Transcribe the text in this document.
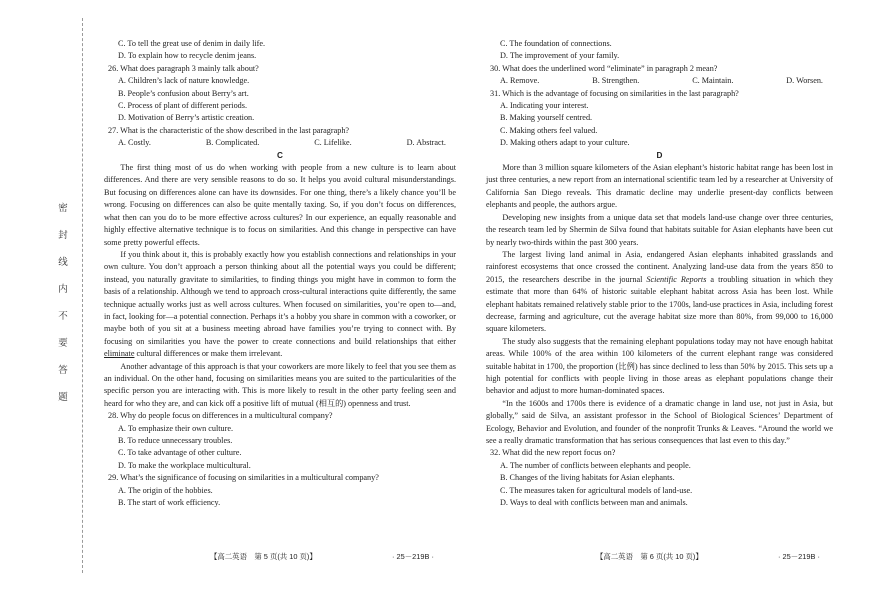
密
封
线
内
不
要
答
题

C. To tell the great use of denim in daily life.

D. To explain how to recycle denim jeans.

26. What does paragraph 3 mainly talk about?

A. Children’s lack of nature knowledge.

B. People’s confusion about Berry’s art.

C. Process of plant of different periods.

D. Motivation of Berry’s artistic creation.

27. What is the characteristic of the show described in the last paragraph?

A. Costly.	B. Complicated.	C. Lifelike.	D. Abstract.

C

The first thing most of us do when working with people from a new culture is to learn about differences. And there are very sensible reasons to do so. It helps you avoid cultural misunderstandings. But focusing on differences alone can have its downsides. For one thing, there’s a likely chance you’ll be wrong. Focusing on differences can also be quite mentally taxing. So, if you don’t focus on differences, what then can you do to be more effective across cultures? In our experience, an equally reasonable and highly effective alternative technique is to focus on similarities. And this change in perspective can have some pretty powerful effects.

If you think about it, this is probably exactly how you establish connections and relationships in your own culture. You don’t approach a person thinking about all the potential ways you could be different; instead, you naturally gravitate to similarities, to finding things you might have in common to form the basis of a relationship. Although we tend to approach cross-cultural interactions quite differently, the same technique actually works just as well across cultures. When focused on similarities, you’re open to—and, in fact, looking for—a potential connection. Perhaps it’s a hobby you share in common with a coworker, or maybe both of you sit at a business meeting abroad have families you’re trying to connect with. By focusing on similarities you have the power to create connections and build relationships that either eliminate cultural differences or make them irrelevant.

Another advantage of this approach is that your coworkers are more likely to feel that you see them as an individual. On the other hand, focusing on similarities means you are suited to the particularities of the specific person you are interacting with. This is more likely to result in the other party feeling seen and heard for who they are, and can kick off a positive lift of mutual (相互的) openness and trust.

28. Why do people focus on differences in a multicultural company?

A. To emphasize their own culture.

B. To reduce unnecessary troubles.

C. To take advantage of other culture.

D. To make the workplace multicultural.

29. What’s the significance of focusing on similarities in a multicultural company?

A. The origin of the hobbies.

B. The start of work efficiency.

C. The foundation of connections.

D. The improvement of your family.

30. What does the underlined word “eliminate” in paragraph 2 mean?

A. Remove.	B. Strengthen.	C. Maintain.	D. Worsen.

31. Which is the advantage of focusing on similarities in the last paragraph?

A. Indicating your interest.

B. Making yourself centred.

C. Making others feel valued.

D. Making others adapt to your culture.

D

More than 3 million square kilometers of the Asian elephant’s historic habitat range has been lost in just three centuries, a new report from an international scientific team led by a researcher at University of California San Diego reveals. This dramatic decline may underlie present-day conflicts between elephants and people, the authors argue.

Developing new insights from a unique data set that models land-use change over three centuries, the research team led by Shermin de Silva found that habitats suitable for Asian elephants have been cut by nearly two-thirds within the past 300 years.

The largest living land animal in Asia, endangered Asian elephants inhabited grasslands and rainforest ecosystems that once crossed the continent. Analyzing land-use data from the years 850 to 2015, the researchers describe in the journal Scientific Reports a troubling situation in which they estimate that more than 64% of historic suitable elephant habitat across Asia has been lost. While elephant habitats remained relatively stable prior to the 1700s, land-use practices in Asia, including forest decrease, farming and agriculture, cut the average habitat size more than 80%, from 99,000 to 16,000 square kilometers.

The study also suggests that the remaining elephant populations today may not have enough habitat areas. While 100% of the area within 100 kilometers of the current elephant range was considered suitable habitat in 1700, the proportion (比例) has since declined to less than 50% by 2015. This sets up a high potential for conflicts with people living in those areas as elephant populations change their behavior and adjust to more human-dominated spaces.

“In the 1600s and 1700s there is evidence of a dramatic change in land use, not just in Asia, but globally,” said de Silva, an assistant professor in the School of Biological Sciences’ Department of Ecology, Behavior and Evolution, and founder of the nonprofit Trunks & Leaves. “Around the world we see a really dramatic transformation that has serious consequences that last even to this day.”

32. What did the new report focus on?

A. The number of conflicts between elephants and people.

B. Changes of the living habitats for Asian elephants.

C. The measures taken for agricultural models of land-use.

D. Ways to deal with conflicts between man and animals.

【高二英语　第 5 页(共 10 页)】	· 25－219B ·	【高二英语　第 6 页(共 10 页)】	· 25－219B ·
